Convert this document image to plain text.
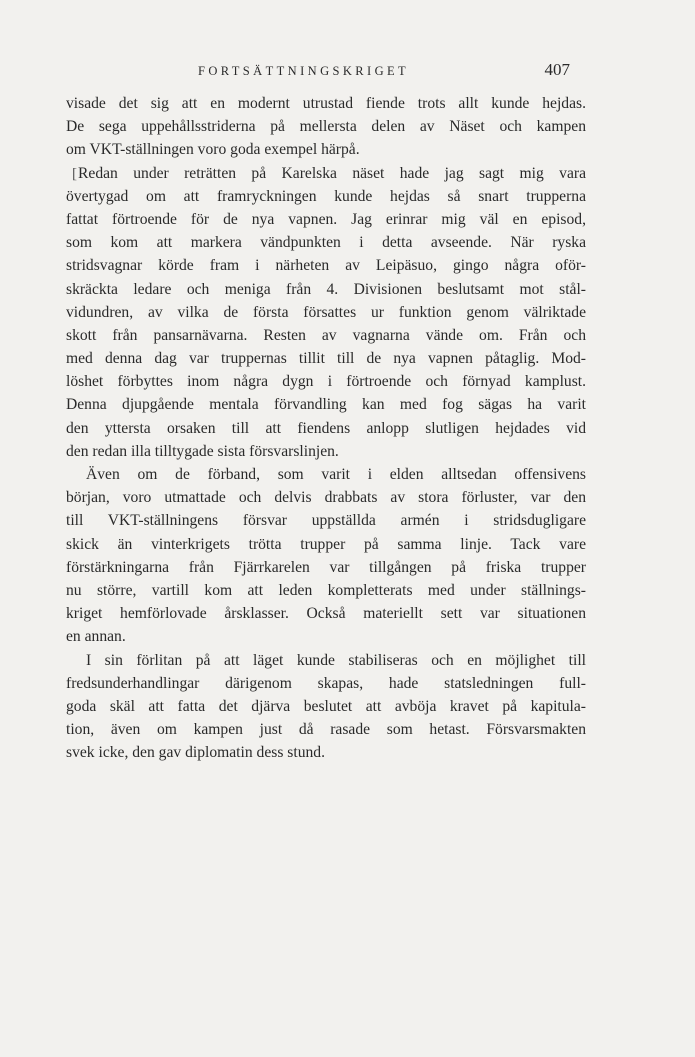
FORTSÄTTNINGSKRIGET	407
visade det sig att en modernt utrustad fiende trots allt kunde hejdas.
De sega uppehållsstriderna på mellersta delen av Näset och kampen
om VKT-ställningen voro goda exempel härpå.
[Redan under reträtten på Karelska näset hade jag sagt mig vara
övertygad om att framryckningen kunde hejdas så snart trupperna
fattat förtroende för de nya vapnen. Jag erinrar mig väl en episod,
som kom att markera vändpunkten i detta avseende. När ryska
stridsvagnar körde fram i närheten av Leipäsuo, gingo några oför-
skräckta ledare och meniga från 4. Divisionen beslutsamt mot stål-
vidundren, av vilka de första försattes ur funktion genom välriktade
skott från pansarnävarna. Resten av vagnarna vände om. Från och
med denna dag var truppernas tillit till de nya vapnen påtaglig. Mod-
löshet förbyttes inom några dygn i förtroende och förnyad kamplust.
Denna djupgående mentala förvandling kan med fog sägas ha varit
den yttersta orsaken till att fiendens anlopp slutligen hejdades vid
den redan illa tilltygade sista försvarslinjen.
Även om de förband, som varit i elden alltsedan offensivens
början, voro utmattade och delvis drabbats av stora förluster, var den
till VKT-ställningens försvar uppställda armén i stridsdugligare
skick än vinterkrigets trötta trupper på samma linje. Tack vare
förstärkningarna från Fjärrkarelen var tillgången på friska trupper
nu större, vartill kom att leden kompletterats med under ställnings-
kriget hemförlovade årsklasser. Också materiellt sett var situationen
en annan.
I sin förlitan på att läget kunde stabiliseras och en möjlighet till
fredsunderhandlingar därigenom skapas, hade statsledningen full-
goda skäl att fatta det djärva beslutet att avböja kravet på kapitula-
tion, även om kampen just då rasade som hetast. Försvarsmakten
svek icke, den gav diplomatin dess stund.
